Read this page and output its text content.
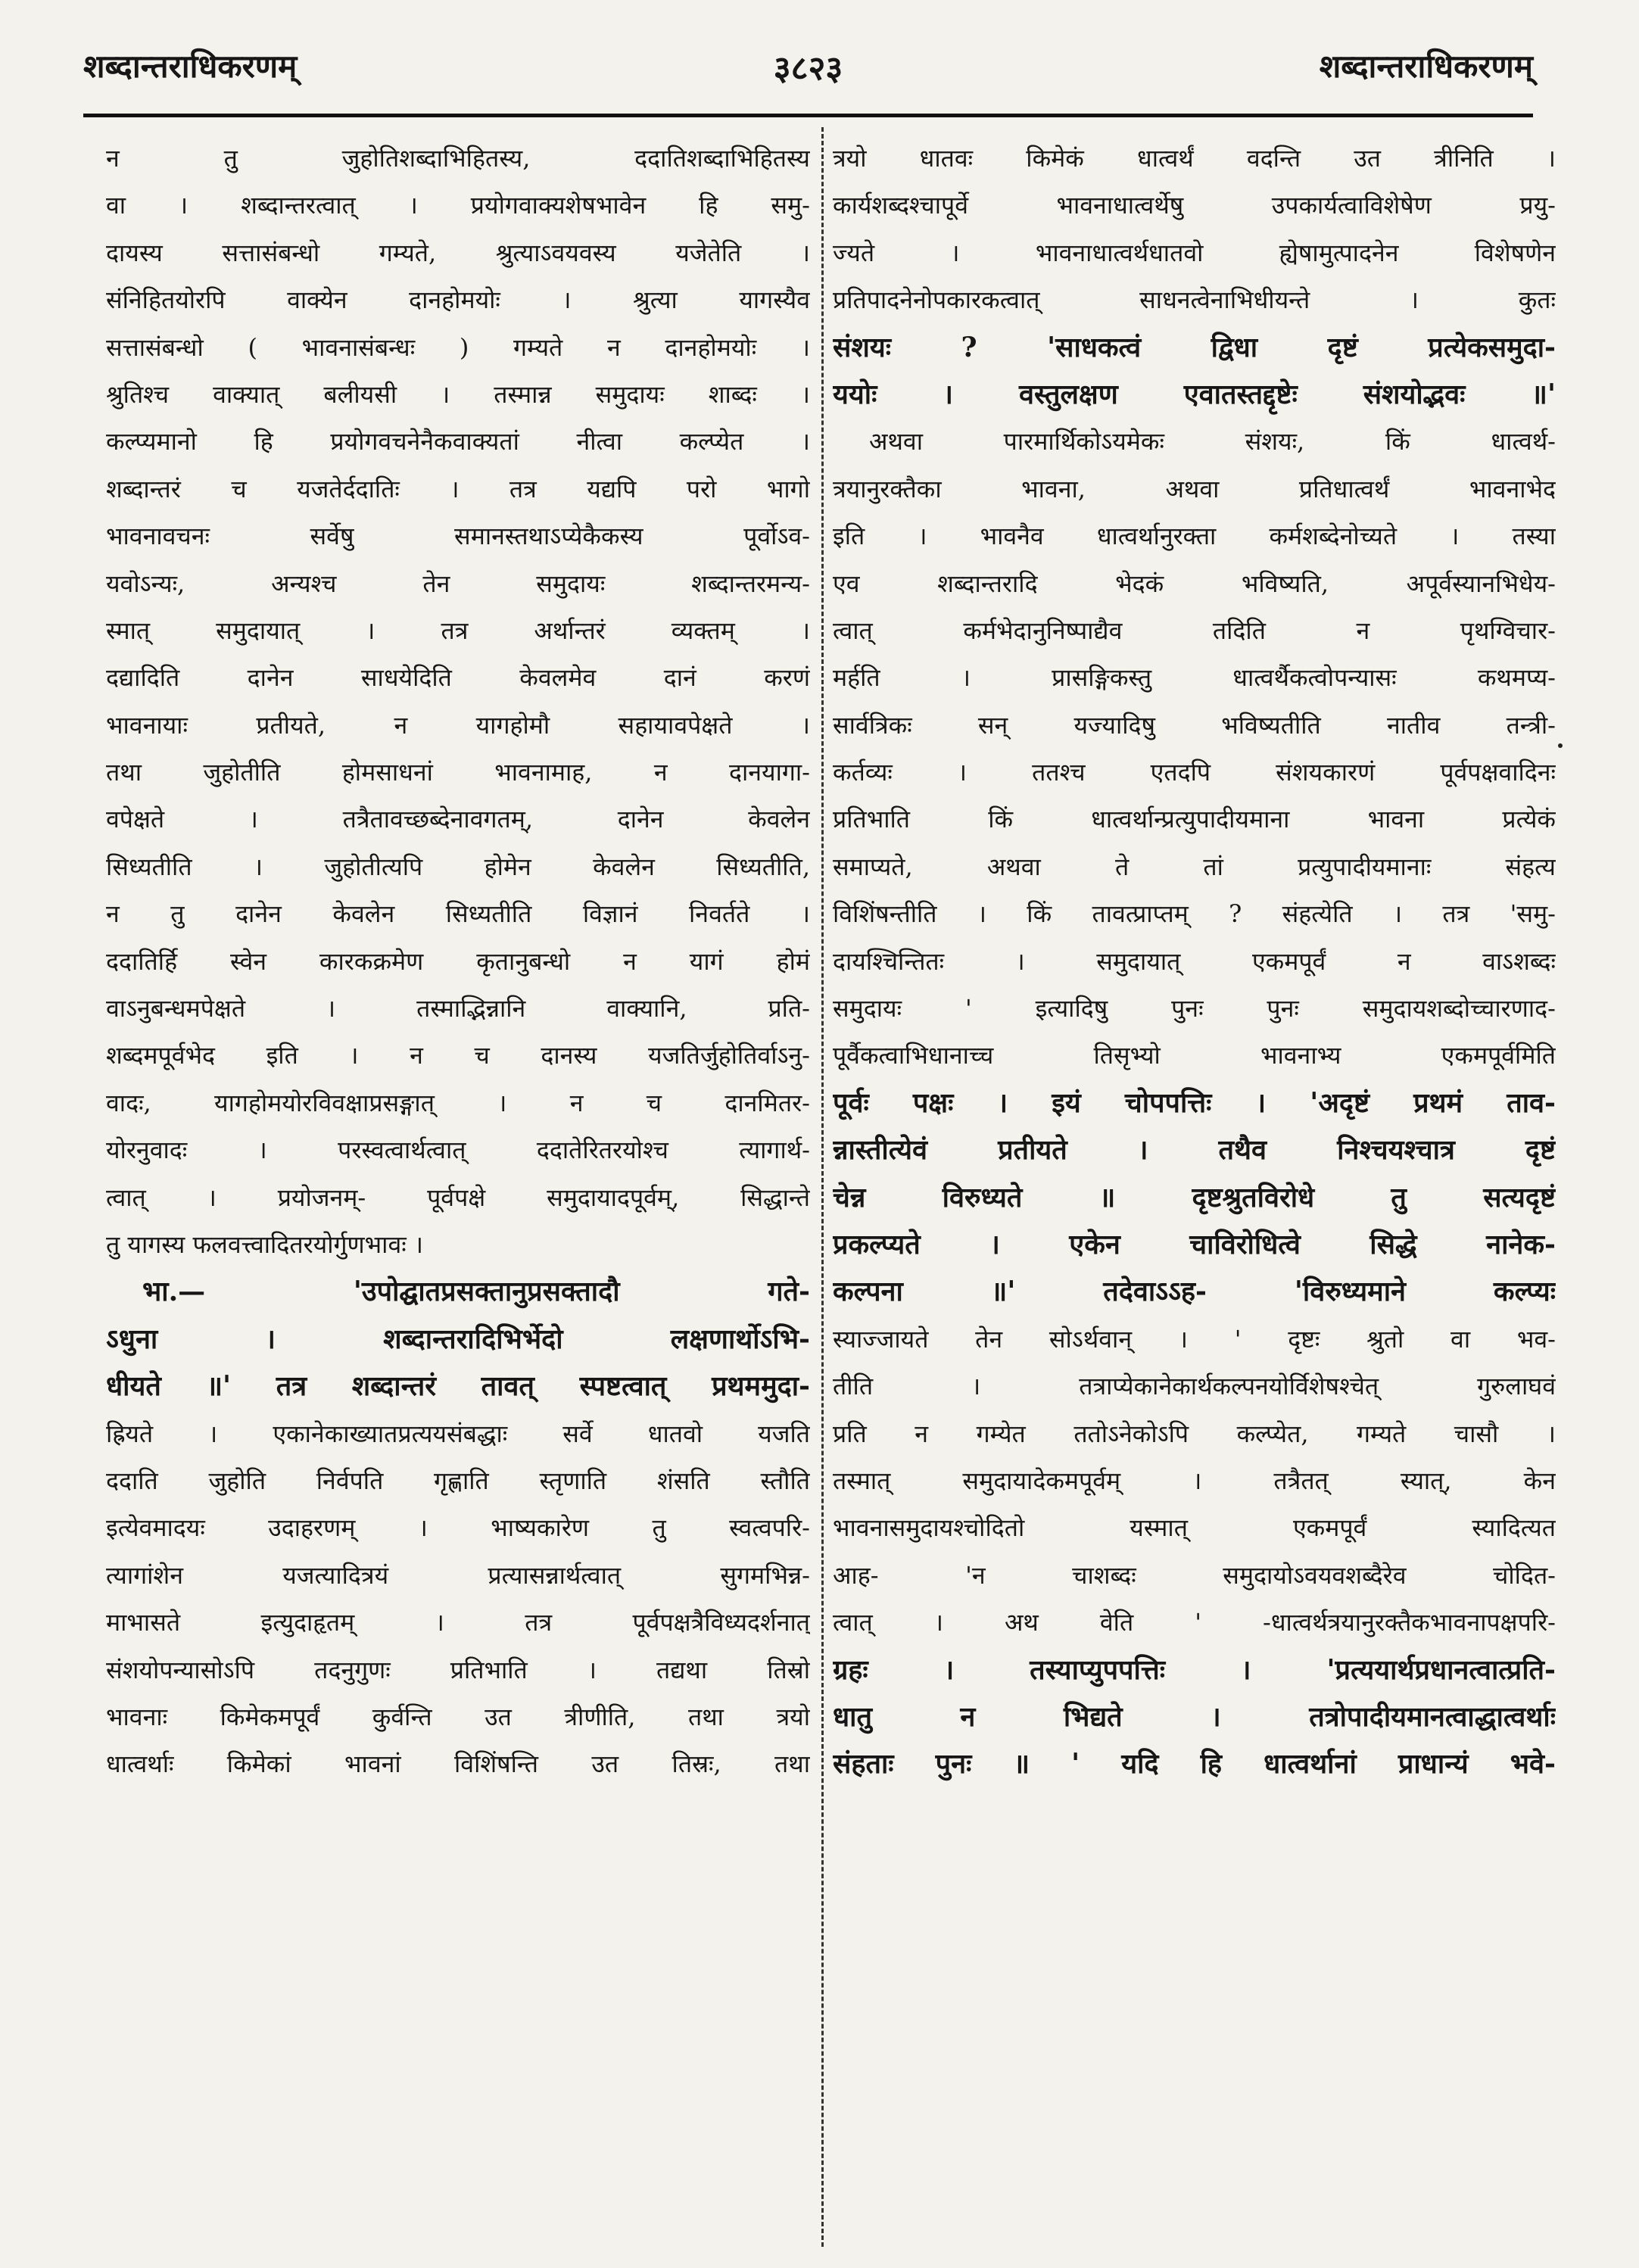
शब्दान्तराधिकरणम्	३८२३	शब्दान्तराधिकरणम्
न तु जुहोतिशब्दाभिहितस्य, ददातिशब्दाभिहितस्य
वा । शब्दान्तरत्वात् । प्रयोगवाक्यशेषभावेन हि समु-
दायस्य सत्तासंबन्धो गम्यते, श्रुत्याऽवयवस्य यजेतेति ।
संनिहितयोरपि वाक्येन दानहोमयोः । श्रुत्या यागस्यैव
सत्तासंबन्धो ( भावनासंबन्धः ) गम्यते न दानहोमयोः ।
श्रुतिश्च वाक्यात् बलीयसी । तस्मान्न समुदायः शाब्दः ।
कल्प्यमानो हि प्रयोगवचनेनैकवाक्यतां नीत्वा कल्प्येत ।
शब्दान्तरं च यजतेर्ददातिः । तत्र यद्यपि परो भागो
भावनावचनः सर्वेषु समानस्तथाऽप्येकैकस्य पूर्वोऽव-
यवोऽन्यः, अन्यश्च तेन समुदायः शब्दान्तरमन्य-
स्मात् समुदायात् । तत्र अर्थान्तरं व्यक्तम् ।
दद्यादिति दानेन साधयेदिति केवलमेव दानं करणं
भावनायाः प्रतीयते, न यागहोमौ सहायावपेक्षते ।
तथा जुहोतीति होमसाधनां भावनामाह, न दानयागा-
वपेक्षते । तत्रैतावच्छब्देनावगतम्, दानेन केवलेन
सिध्यतीति । जुहोतीत्यपि होमेन केवलेन सिध्यतीति,
न तु दानेन केवलेन सिध्यतीति विज्ञानं निवर्तते ।
ददातिर्हि स्वेन कारकक्रमेण कृतानुबन्धो न यागं होमं
वाऽनुबन्धमपेक्षते । तस्माद्भिन्नानि वाक्यानि, प्रति-
शब्दमपूर्वभेद इति । न च दानस्य यजतिर्जुहोतिर्वाऽनु-
वादः, यागहोमयोरविवक्षाप्रसङ्गात् । न च दानमितर-
योरनुवादः । परस्वत्वार्थत्वात् ददातेरितरयोश्च त्यागार्थ-
त्वात् । प्रयोजनम्- पूर्वपक्षे समुदायादपूर्वम्, सिद्धान्ते
तु यागस्य फलवत्त्वादितरयोर्गुणभावः ।
भा.— 'उपोद्घातप्रसक्तानुप्रसक्तादौ गते-
ऽधुना । शब्दान्तरादिभिर्भेदो लक्षणार्थोऽभि-
धीयते ॥' तत्र शब्दान्तरं तावत् स्पष्टत्वात् प्रथममुदा-
ह्रियते । एकानेकाख्यातप्रत्ययसंबद्धाः सर्वे धातवो यजति
ददाति जुहोति निर्वपति गृह्णाति स्तृणाति शंसति स्तौति
इत्येवमादयः उदाहरणम् । भाष्यकारेण तु स्वत्वपरि-
त्यागांशेन यजत्यादित्रयं प्रत्यासन्नार्थत्वात् सुगमभिन्न-
माभासते इत्युदाहृतम् । तत्र पूर्वपक्षत्रैविध्यदर्शनात्
संशयोपन्यासोऽपि तदनुगुणः प्रतिभाति । तद्यथा तिस्रो
भावनाः किमेकमपूर्वं कुर्वन्ति उत त्रीणीति, तथा त्रयो
धात्वर्थाः किमेकां भावनां विशिंषन्ति उत तिस्रः, तथा
त्रयो धातवः किमेकं धात्वर्थं वदन्ति उत त्रीनिति ।
कार्यशब्दश्चापूर्वे भावनाधात्वर्थेषु उपकार्यत्वाविशेषेण प्रयु-
ज्यते । भावनाधात्वर्थधातवो ह्येषामुत्पादनेन विशेषणेन
प्रतिपादनेनोपकारकत्वात् साधनत्वेनाभिधीयन्ते । कुतः
संशयः ? 'साधकत्वं द्विधा दृष्टं प्रत्येकसमुदा-
ययोः । वस्तुलक्षण एवातस्तद्दृष्टेः संशयोद्भवः ॥'
अथवा पारमार्थिकोऽयमेकः संशयः, किं धात्वर्थ-
त्रयानुरक्तैका भावना, अथवा प्रतिधात्वर्थं भावनाभेद
इति । भावनैव धात्वर्थानुरक्ता कर्मशब्देनोच्यते । तस्या
एव शब्दान्तरादि भेदकं भविष्यति, अपूर्वस्यानभिधेय-
त्वात् कर्मभेदानुनिष्पाद्यैव तदिति न पृथग्विचार-
मर्हति । प्रासङ्गिकस्तु धात्वर्थैकत्वोपन्यासः कथमप्य-
सार्वत्रिकः सन् यज्यादिषु भविष्यतीति नातीव तन्त्री-
कर्तव्यः । ततश्च एतदपि संशयकारणं पूर्वपक्षवादिनः
प्रतिभाति किं धात्वर्थान्प्रत्युपादीयमाना भावना प्रत्येकं
समाप्यते, अथवा ते तां प्रत्युपादीयमानाः संहत्य
विशिंषन्तीति । किं तावत्प्राप्तम् ? संहत्येति । तत्र 'समु-
दायश्चिन्तितः । समुदायात् एकमपूर्वं न वाऽशब्दः
समुदायः ' इत्यादिषु पुनः पुनः समुदायशब्दोच्चारणाद-
पूर्वैकत्वाभिधानाच्च तिसृभ्यो भावनाभ्य एकमपूर्वमिति
पूर्वः पक्षः । इयं चोपपत्तिः । 'अदृष्टं प्रथमं ताव-
न्नास्तीत्येवं प्रतीयते । तथैव निश्चयश्चात्र दृष्टं
चेन्न विरुध्यते ॥ दृष्टश्रुतविरोधे तु सत्यदृष्टं
प्रकल्प्यते । एकेन चाविरोधित्वे सिद्धे नानेक-
कल्पना ॥' तदेवाऽऽह- 'विरुध्यमाने कल्प्यः
स्याज्जायते तेन सोऽर्थवान् । ' दृष्टः श्रुतो वा भव-
तीति । तत्राप्येकानेकार्थकल्पनयोर्विशेषश्चेत् गुरुलाघवं
प्रति न गम्येत ततोऽनेकोऽपि कल्प्येत, गम्यते चासौ ।
तस्मात् समुदायादेकमपूर्वम् । तत्रैतत् स्यात्, केन
भावनासमुदायश्चोदितो यस्मात् एकमपूर्वं स्यादित्यत
आह- 'न चाशब्दः समुदायोऽवयवशब्दैरेव चोदित-
त्वात् । अथ वेति ' -धात्वर्थत्रयानुरक्तैकभावनापक्षपरि-
ग्रहः । तस्याप्युपपत्तिः । 'प्रत्ययार्थप्रधानत्वात्प्रति-
धातु न भिद्यते । तत्रोपादीयमानत्वाद्धात्वर्थाः
संहताः पुनः ॥ ' यदि हि धात्वर्थानां प्राधान्यं भवे-
